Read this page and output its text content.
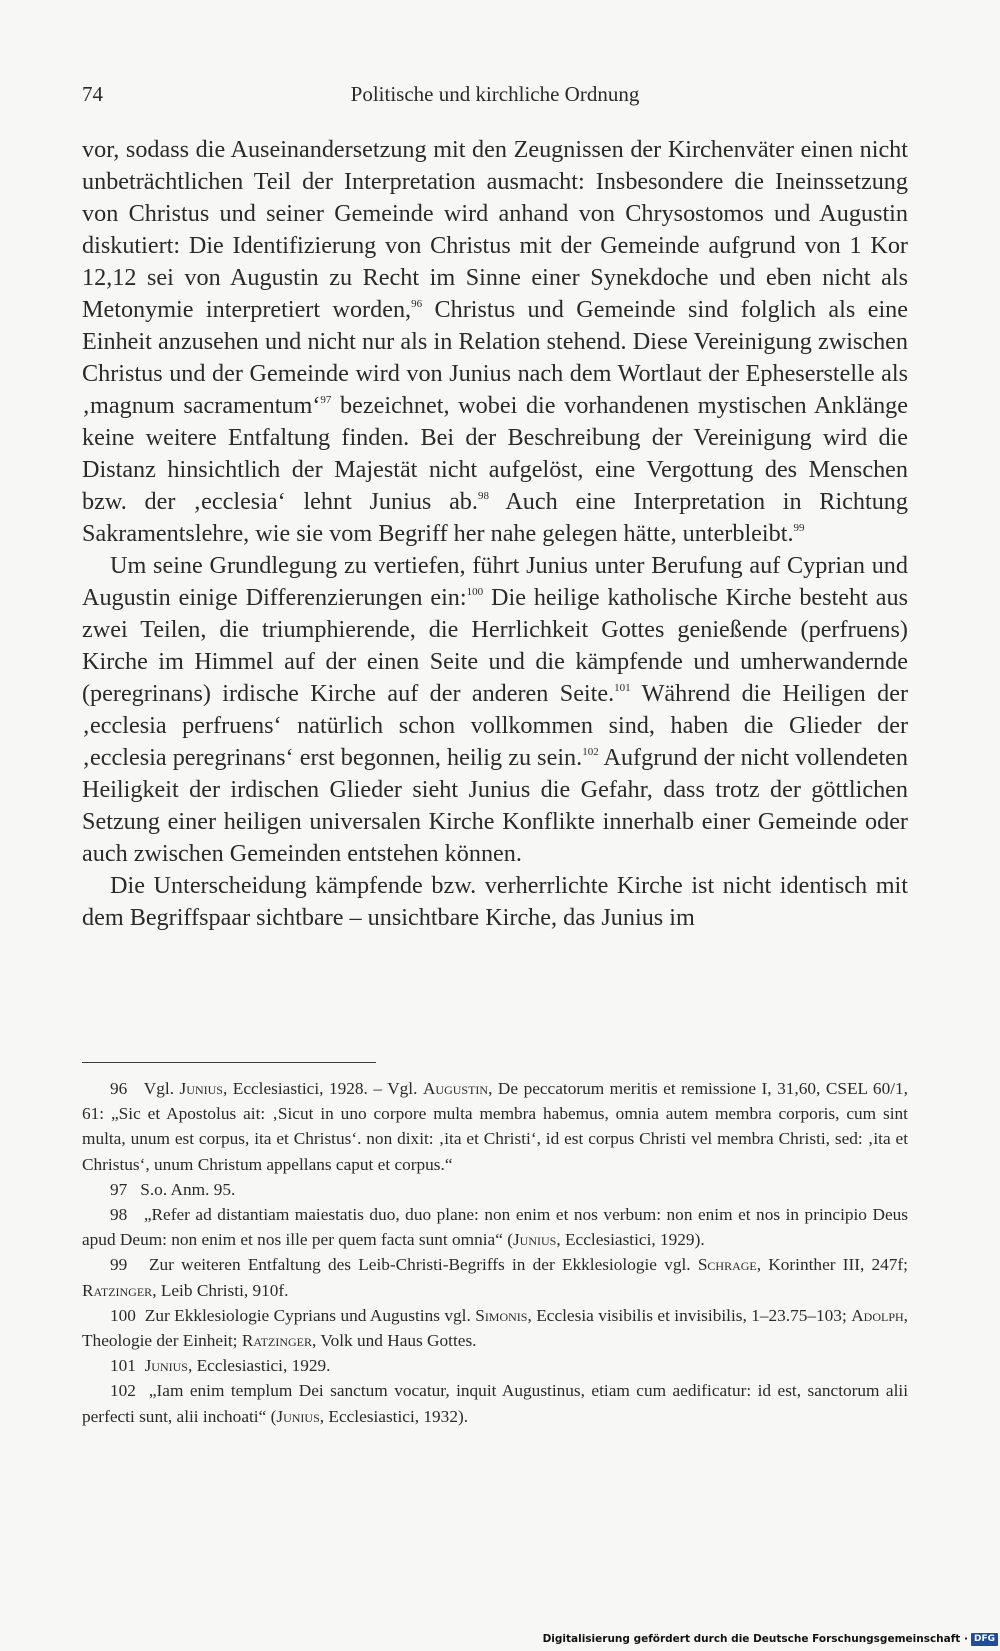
74	Politische und kirchliche Ordnung

vor, sodass die Auseinandersetzung mit den Zeugnissen der Kirchenväter einen nicht unbeträchtlichen Teil der Interpretation ausmacht: Insbesondere die Ineinssetzung von Christus und seiner Gemeinde wird anhand von Chrysostomos und Augustin diskutiert: Die Identifizierung von Christus mit der Gemeinde aufgrund von 1 Kor 12,12 sei von Augustin zu Recht im Sinne einer Synekdoche und eben nicht als Metonymie interpretiert worden,$^{96}$ Christus und Gemeinde sind folglich als eine Einheit anzusehen und nicht nur als in Relation stehend. Diese Vereinigung zwischen Christus und der Gemeinde wird von Junius nach dem Wortlaut der Epheserstelle als ‚magnum sacramentum‘$^{97}$ bezeichnet, wobei die vorhandenen mystischen Anklänge keine weitere Entfaltung finden. Bei der Beschreibung der Vereinigung wird die Distanz hinsichtlich der Majestät nicht aufgelöst, eine Vergottung des Menschen bzw. der ‚ecclesia‘ lehnt Junius ab.$^{98}$ Auch eine Interpretation in Richtung Sakramentslehre, wie sie vom Begriff her nahe gelegen hätte, unterbleibt.$^{99}$

Um seine Grundlegung zu vertiefen, führt Junius unter Berufung auf Cyprian und Augustin einige Differenzierungen ein:$^{100}$ Die heilige katholische Kirche besteht aus zwei Teilen, die triumphierende, die Herrlichkeit Gottes genießende (perfruens) Kirche im Himmel auf der einen Seite und die kämpfende und umherwandernde (peregrinans) irdische Kirche auf der anderen Seite.$^{101}$ Während die Heiligen der ‚ecclesia perfruens‘ natürlich schon vollkommen sind, haben die Glieder der ‚ecclesia peregrinans‘ erst begonnen, heilig zu sein.$^{102}$ Aufgrund der nicht vollendeten Heiligkeit der irdischen Glieder sieht Junius die Gefahr, dass trotz der göttlichen Setzung einer heiligen universalen Kirche Konflikte innerhalb einer Gemeinde oder auch zwischen Gemeinden entstehen können.

Die Unterscheidung kämpfende bzw. verherrlichte Kirche ist nicht identisch mit dem Begriffspaar sichtbare – unsichtbare Kirche, das Junius im

96 Vgl. Junius, Ecclesiastici, 1928. – Vgl. Augustin, De peccatorum meritis et remissione I, 31,60, CSEL 60/1, 61: „Sic et Apostolus ait: ‚Sicut in uno corpore multa membra habemus, omnia autem membra corporis, cum sint multa, unum est corpus, ita et Christus‘. non dixit: ‚ita et Christi‘, id est corpus Christi vel membra Christi, sed: ‚ita et Christus‘, unum Christum appellans caput et corpus.“

97 S.o. Anm. 95.

98 „Refer ad distantiam maiestatis duo, duo plane: non enim et nos verbum: non enim et nos in principio Deus apud Deum: non enim et nos ille per quem facta sunt omnia“ (Junius, Ecclesiastici, 1929).

99 Zur weiteren Entfaltung des Leib-Christi-Begriffs in der Ekklesiologie vgl. Schrage, Korinther III, 247f; Ratzinger, Leib Christi, 910f.

100 Zur Ekklesiologie Cyprians und Augustins vgl. Simonis, Ecclesia visibilis et invisibilis, 1–23.75–103; Adolph, Theologie der Einheit; Ratzinger, Volk und Haus Gottes.

101 Junius, Ecclesiastici, 1929.

102 „Iam enim templum Dei sanctum vocatur, inquit Augustinus, etiam cum aedificatur: id est, sanctorum alii perfecti sunt, alii inchoati“ (Junius, Ecclesiastici, 1932).

Digitalisierung gefördert durch die Deutsche Forschungsgemeinschaft · DFG
